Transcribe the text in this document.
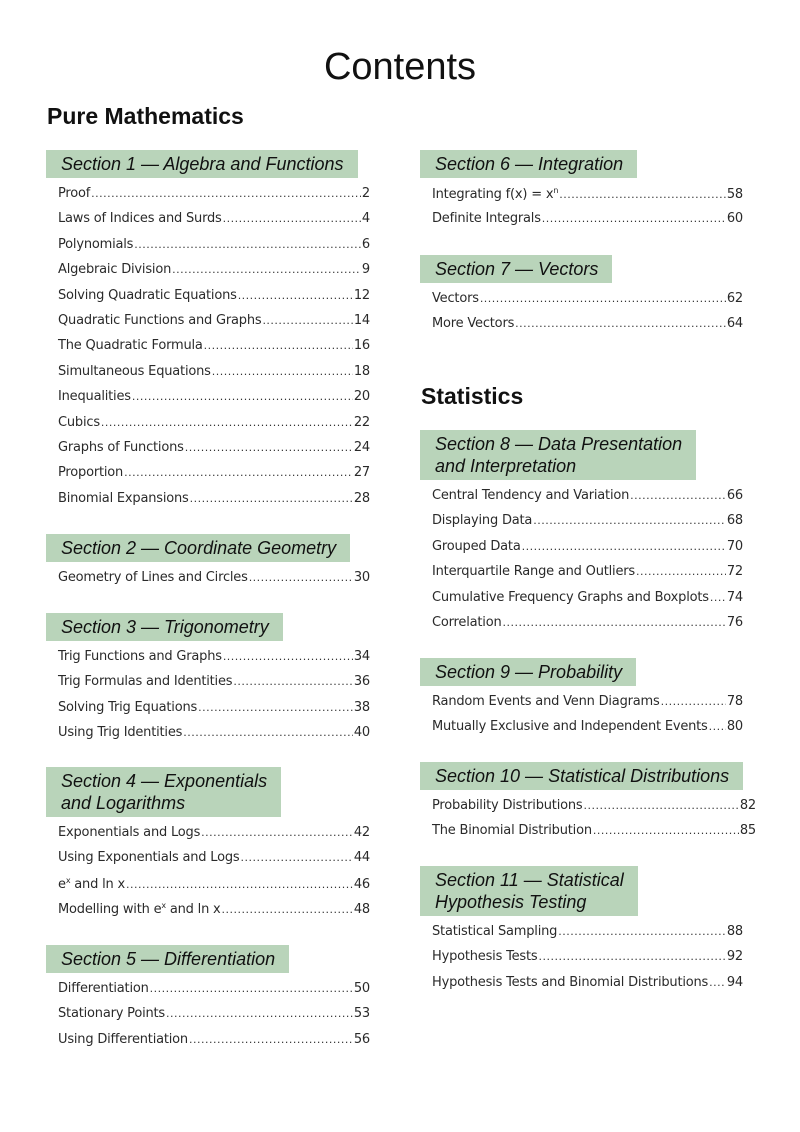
Contents
Pure Mathematics
Statistics
Section 1 — Algebra and Functions
Proof .....	2
Laws of Indices and Surds .....	4
Polynomials .....	6
Algebraic Division .....	9
Solving Quadratic Equations .....	12
Quadratic Functions and Graphs .....	14
The Quadratic Formula .....	16
Simultaneous Equations .....	18
Inequalities .....	20
Cubics .....	22
Graphs of Functions .....	24
Proportion .....	27
Binomial Expansions .....	28
Section 2 — Coordinate Geometry
Geometry of Lines and Circles .....	30
Section 3 — Trigonometry
Trig Functions and Graphs .....	34
Trig Formulas and Identities .....	36
Solving Trig Equations .....	38
Using Trig Identities .....	40
Section 4 — Exponentials
and Logarithms
Exponentials and Logs .....	42
Using Exponentials and Logs .....	44
$e^x$ and ln x .....	46
Modelling with $e^x$ and ln x .....	48
Section 5 — Differentiation
Differentiation .....	50
Stationary Points .....	53
Using Differentiation .....	56
Section 6 — Integration
Integrating $f(x) = x^n$ .....	58
Definite Integrals .....	60
Section 7 — Vectors
Vectors .....	62
More Vectors .....	64
Section 8 — Data Presentation
and Interpretation
Central Tendency and Variation .....	66
Displaying Data .....	68
Grouped Data .....	70
Interquartile Range and Outliers .....	72
Cumulative Frequency Graphs and Boxplots ..... 74
Correlation .....	76
Section 9 — Probability
Random Events and Venn Diagrams .....	78
Mutually Exclusive and Independent Events ..... 80
Section 10 — Statistical Distributions
Probability Distributions .....	82
The Binomial Distribution .....	85
Section 11 — Statistical
Hypothesis Testing
Statistical Sampling .....	88
Hypothesis Tests .....	92
Hypothesis Tests and Binomial Distributions ..... 94
